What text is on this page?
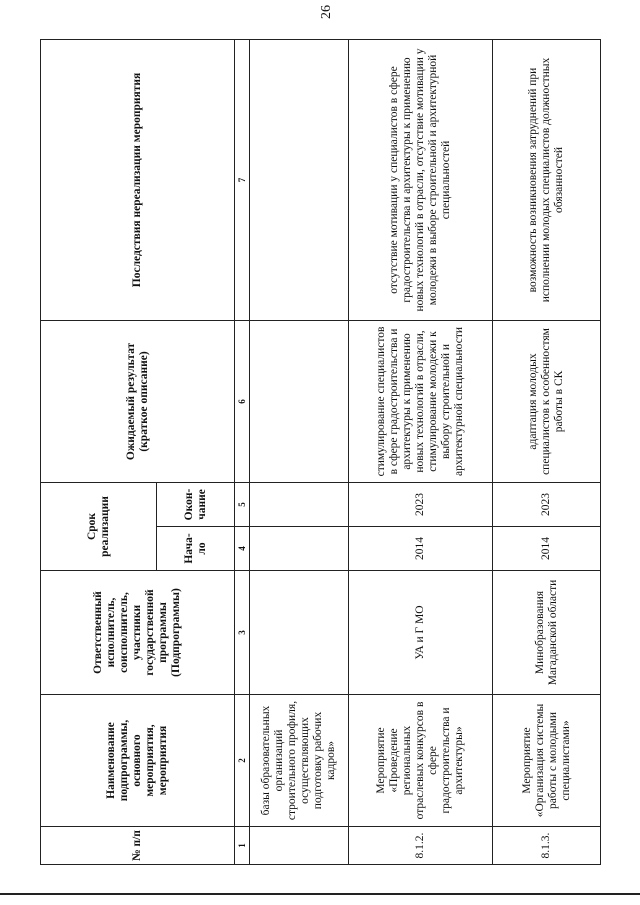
26
№ п/п	Наименование подпрограммы, основного мероприятия, мероприятия	Ответственный исполнитель, соисполнитель, участники государственной программы (Подпрограммы)	Срок реализации		Ожидаемый результат (краткое описание)	Последствия нереализации мероприятия
			Нача- ло	Окон- чание		
1	2	3	4	5	6	7
	базы образовательных организаций строительного профиля, осуществляющих подготовку рабочих кадров»					
8.1.2.	Мероприятие «Проведение региональных отраслевых конкурсов в сфере градостроительства и архитектуры»	УА и Г МО	2014	2023	стимулирование специалистов в сфере градостроительства и архитектуры к применению новых технологий в отрасли, стимулирование молодежи к выбору строительной и архитектурной специальности	отсутствие мотивации у специалистов в сфере градостроительства и архитектуры к применению новых технологий в отрасли, отсутствие мотивации у молодежи в выборе строительной и архитектурной специальностей
8.1.3.	Мероприятие «Организация системы работы с молодыми специалистами»	Минобразования Магаданской области	2014	2023	адаптация молодых специалистов к особенностям работы в СК	возможность возникновения затруднений при исполнении молодых специалистов должностных обязанностей
